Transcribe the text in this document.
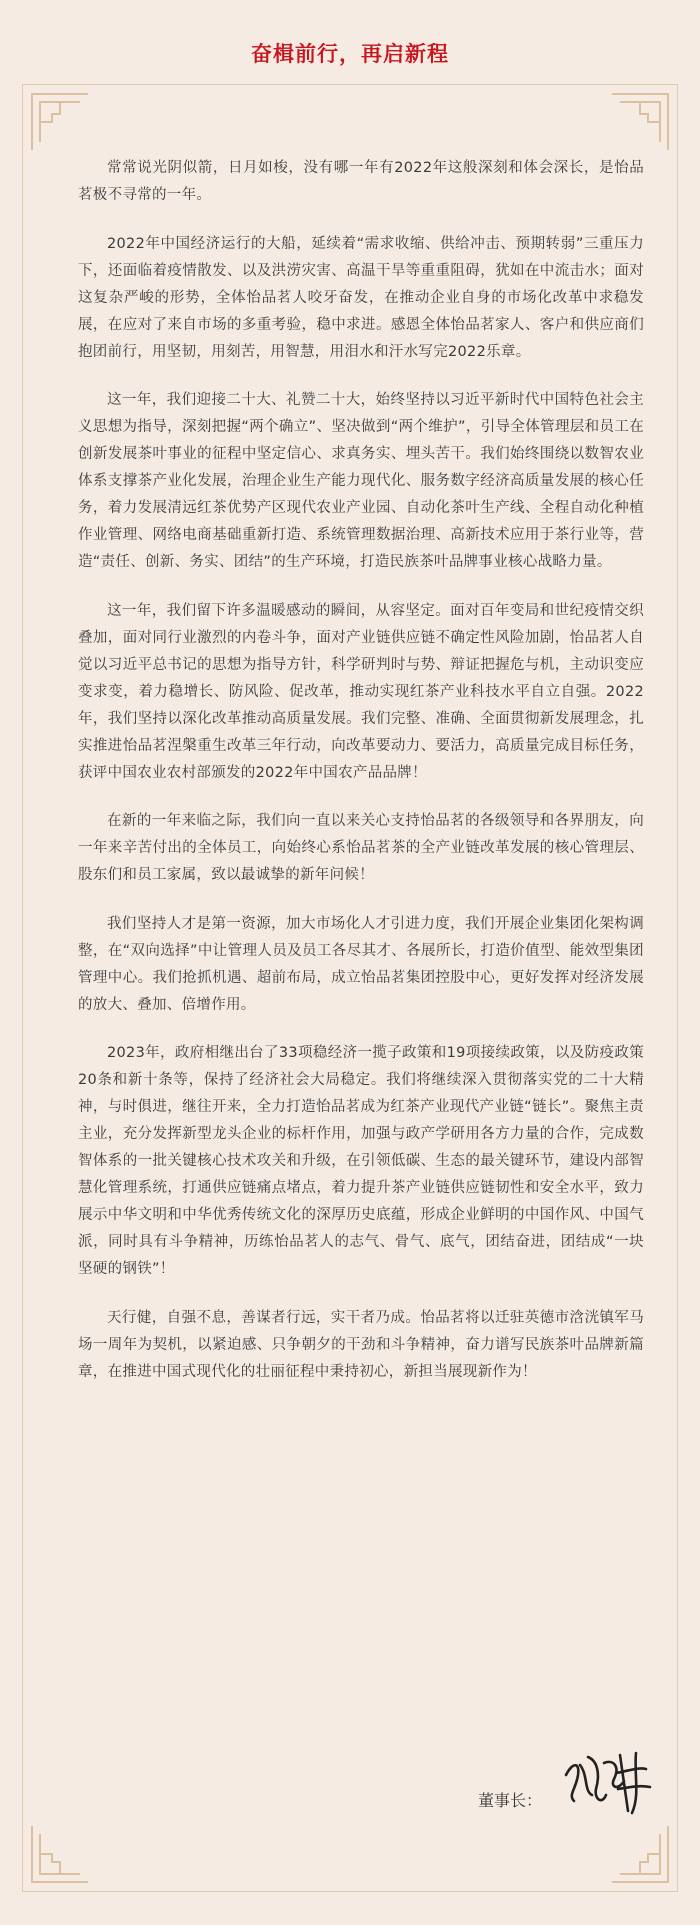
奋楫前行，再启新程

常常说光阴似箭，日月如梭，没有哪一年有2022年这般深刻和体会深长，是怡品茗极不寻常的一年。

2022年中国经济运行的大船，延续着“需求收缩、供给冲击、预期转弱”三重压力下，还面临着疫情散发、以及洪涝灾害、高温干旱等重重阻碍，犹如在中流击水；面对这复杂严峻的形势，全体怡品茗人咬牙奋发，在推动企业自身的市场化改革中求稳发展，在应对了来自市场的多重考验，稳中求进。感恩全体怡品茗家人、客户和供应商们抱团前行，用坚韧，用刻苦，用智慧，用泪水和汗水写完2022乐章。

这一年，我们迎接二十大、礼赞二十大，始终坚持以习近平新时代中国特色社会主义思想为指导，深刻把握“两个确立”、坚决做到“两个维护”，引导全体管理层和员工在创新发展茶叶事业的征程中坚定信心、求真务实、埋头苦干。我们始终围绕以数智农业体系支撑茶产业化发展，治理企业生产能力现代化、服务数字经济高质量发展的核心任务，着力发展清远红茶优势产区现代农业产业园、自动化茶叶生产线、全程自动化种植作业管理、网络电商基础重新打造、系统管理数据治理、高新技术应用于茶行业等，营造“责任、创新、务实、团结”的生产环境，打造民族茶叶品牌事业核心战略力量。

这一年，我们留下许多温暖感动的瞬间，从容坚定。面对百年变局和世纪疫情交织叠加，面对同行业激烈的内卷斗争，面对产业链供应链不确定性风险加剧，怡品茗人自觉以习近平总书记的思想为指导方针，科学研判时与势、辩证把握危与机，主动识变应变求变，着力稳增长、防风险、促改革，推动实现红茶产业科技水平自立自强。2022年，我们坚持以深化改革推动高质量发展。我们完整、准确、全面贯彻新发展理念，扎实推进怡品茗涅槃重生改革三年行动，向改革要动力、要活力，高质量完成目标任务，获评中国农业农村部颁发的2022年中国农产品品牌！

在新的一年来临之际，我们向一直以来关心支持怡品茗的各级领导和各界朋友，向一年来辛苦付出的全体员工，向始终心系怡品茗茶的全产业链改革发展的核心管理层、股东们和员工家属，致以最诚挚的新年问候！

我们坚持人才是第一资源，加大市场化人才引进力度，我们开展企业集团化架构调整，在“双向选择”中让管理人员及员工各尽其才、各展所长，打造价值型、能效型集团管理中心。我们抢抓机遇、超前布局，成立怡品茗集团控股中心，更好发挥对经济发展的放大、叠加、倍增作用。

2023年，政府相继出台了33项稳经济一揽子政策和19项接续政策，以及防疫政策20条和新十条等，保持了经济社会大局稳定。我们将继续深入贯彻落实党的二十大精神，与时俱进，继往开来，全力打造怡品茗成为红茶产业现代产业链“链长”。聚焦主责主业，充分发挥新型龙头企业的标杆作用，加强与政产学研用各方力量的合作，完成数智体系的一批关键核心技术攻关和升级，在引领低碳、生态的最关键环节，建设内部智慧化管理系统，打通供应链痛点堵点，着力提升茶产业链供应链韧性和安全水平，致力展示中华文明和中华优秀传统文化的深厚历史底蕴，形成企业鲜明的中国作风、中国气派，同时具有斗争精神，历练怡品茗人的志气、骨气、底气，团结奋进，团结成“一块坚硬的钢铁”！

天行健，自强不息，善谋者行远，实干者乃成。怡品茗将以迁驻英德市浛洸镇军马场一周年为契机，以紧迫感、只争朝夕的干劲和斗争精神，奋力谱写民族茶叶品牌新篇章，在推进中国式现代化的壮丽征程中秉持初心，新担当展现新作为！

董事长：
